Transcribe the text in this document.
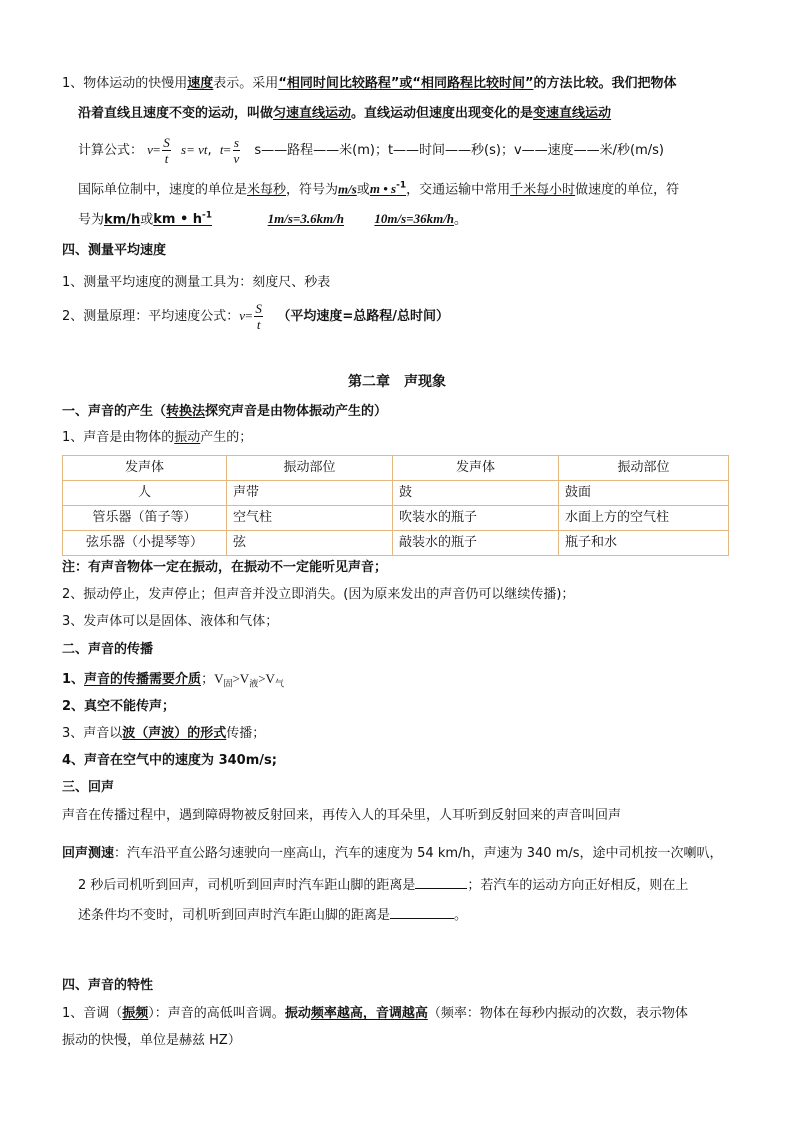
1、物体运动的快慢用速度表示。采用“相同时间比较路程”或“相同路程比较时间”的方法比较。我们把物体
沿着直线且速度不变的运动，叫做匀速直线运动。直线运动但速度出现变化的是变速直线运动
计算公式： $v= \frac{S}{t} s=$ vt,  $t= \frac{s}{v}$ s——路程——米(m)；t——时间——秒(s)；v——速度——米/秒(m/s)
国际单位制中，速度的单位是米每秒，符号为m/s或m • $s^{-1}$，交通运输中常用千米每小时做速度的单位，符
号为km/h或km • $h^{-1}$	1m/s=3.6km/h 10m/s=36km/h。
四、测量平均速度
1、测量平均速度的测量工具为：刻度尺、秒表
2、测量原理：平均速度公式：$v= \frac{S}{t}$ （平均速度=总路程/总时间）
第二章　声现象
一、声音的产生（转换法探究声音是由物体振动产生的）
1、声音是由物体的振动产生的；
发声体	振动部位	发声体	振动部位
人	声带	鼓	鼓面
管乐器（笛子等）	空气柱	吹装水的瓶子	水面上方的空气柱
弦乐器（小提琴等）	弦	敲装水的瓶子	瓶子和水
注：有声音物体一定在振动，在振动不一定能听见声音；
2、振动停止，发声停止；但声音并没立即消失。(因为原来发出的声音仍可以继续传播)；
3、发声体可以是固体、液体和气体；
二、声音的传播
1、声音的传播需要介质；$V_固>V_液>V_气$
2、真空不能传声；
3、声音以波（声波）的形式传播；
4、声音在空气中的速度为 340m/s;
三、回声
声音在传播过程中，遇到障碍物被反射回来，再传入人的耳朵里，人耳听到反射回来的声音叫回声
回声测速：汽车沿平直公路匀速驶向一座高山，汽车的速度为 54 km/h，声速为 340 m/s，途中司机按一次喇叭，
2 秒后司机听到回声，司机听到回声时汽车距山脚的距离是	；若汽车的运动方向正好相反，则在上
述条件均不变时，司机听到回声时汽车距山脚的距离是	。
四、声音的特性
1、音调（振频）：声音的高低叫音调。振动频率越高，音调越高（频率：物体在每秒内振动的次数，表示物体
振动的快慢，单位是赫兹 HZ）
